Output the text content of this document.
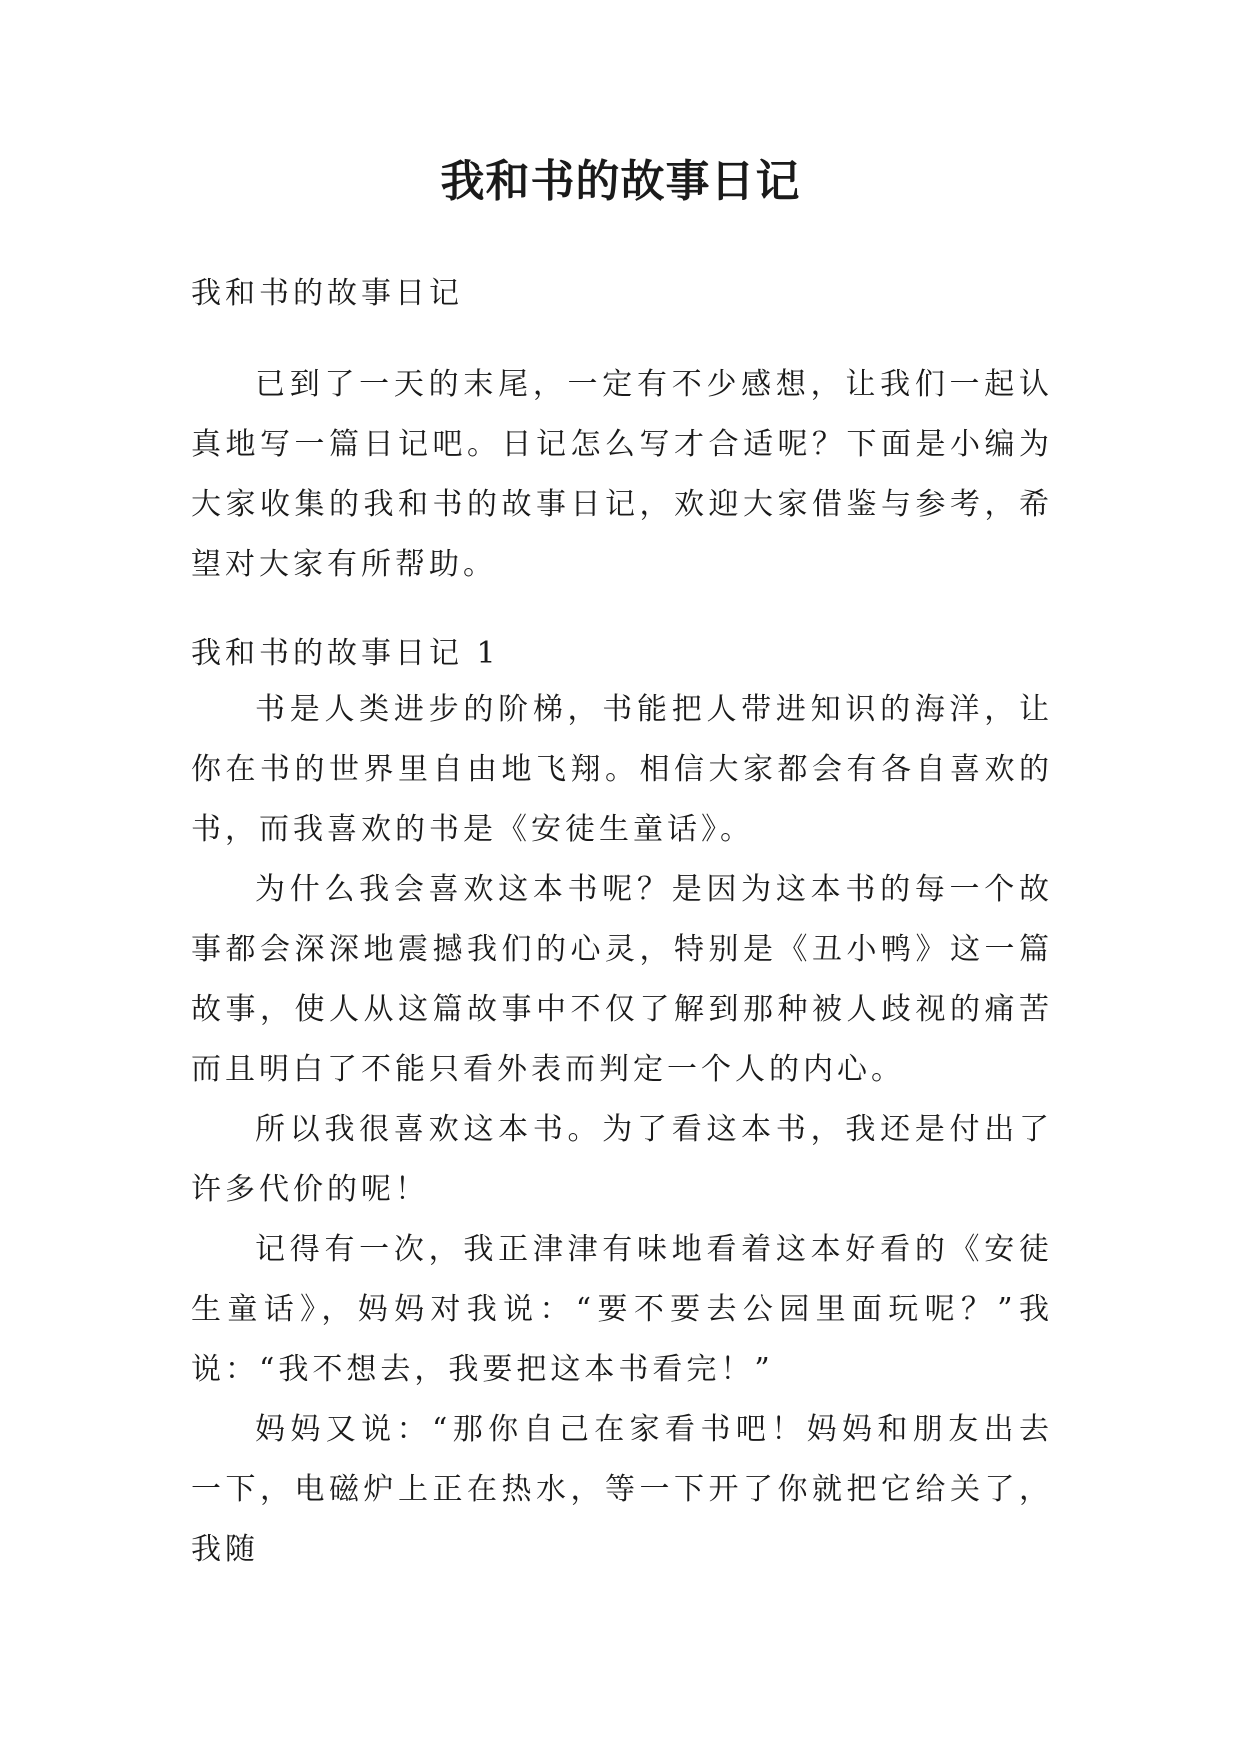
我和书的故事日记

我和书的故事日记

已到了一天的末尾，一定有不少感想，让我们一起认真地写一篇日记吧。日记怎么写才合适呢？下面是小编为大家收集的我和书的故事日记，欢迎大家借鉴与参考，希望对大家有所帮助。

我和书的故事日记 1

书是人类进步的阶梯，书能把人带进知识的海洋，让你在书的世界里自由地飞翔。相信大家都会有各自喜欢的书，而我喜欢的书是《安徒生童话》。

为什么我会喜欢这本书呢？是因为这本书的每一个故事都会深深地震撼我们的心灵，特别是《丑小鸭》这一篇故事，使人从这篇故事中不仅了解到那种被人歧视的痛苦而且明白了不能只看外表而判定一个人的内心。

所以我很喜欢这本书。为了看这本书，我还是付出了许多代价的呢！

记得有一次，我正津津有味地看着这本好看的《安徒生童话》，妈妈对我说：“要不要去公园里面玩呢？”我说：“我不想去，我要把这本书看完！”

妈妈又说：“那你自己在家看书吧！妈妈和朋友出去一下，电磁炉上正在热水，等一下开了你就把它给关了，我随
